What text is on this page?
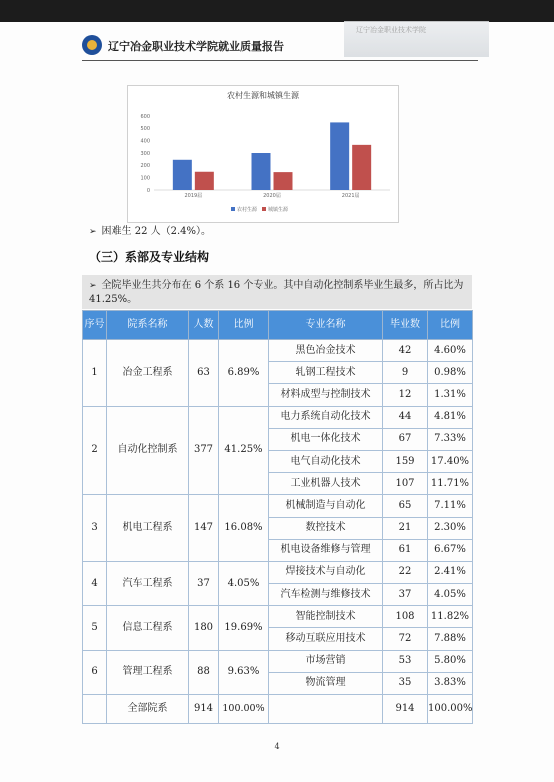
辽宁冶金职业技术学院就业质量报告
辽宁冶金职业技术学院
农村生源和城镇生源
0
100
200
300
400
500
600
2019届	2020届	2021届
农村生源 城镇生源
➢ 困难生 22 人（2.4%）。
（三）系部及专业结构
➢ 全院毕业生共分布在 6 个系 16 个专业。其中自动化控制系毕业生最多，所占比为 41.25%。
序号	院系名称	人数	比例	专业名称	毕业数	比例
1	冶金工程系	63	6.89%	黑色冶金技术	42	4.60%
				轧钢工程技术	9	0.98%
				材料成型与控制技术	12	1.31%
2	自动化控制系	377	41.25%	电力系统自动化技术	44	4.81%
				机电一体化技术	67	7.33%
				电气自动化技术	159	17.40%
				工业机器人技术	107	11.71%
3	机电工程系	147	16.08%	机械制造与自动化	65	7.11%
				数控技术	21	2.30%
				机电设备维修与管理	61	6.67%
4	汽车工程系	37	4.05%	焊接技术与自动化	22	2.41%
				汽车检测与维修技术	37	4.05%
5	信息工程系	180	19.69%	智能控制技术	108	11.82%
				移动互联应用技术	72	7.88%
6	管理工程系	88	9.63%	市场营销	53	5.80%
				物流管理	35	3.83%
	全部院系	914	100.00%		914	100.00%
4
